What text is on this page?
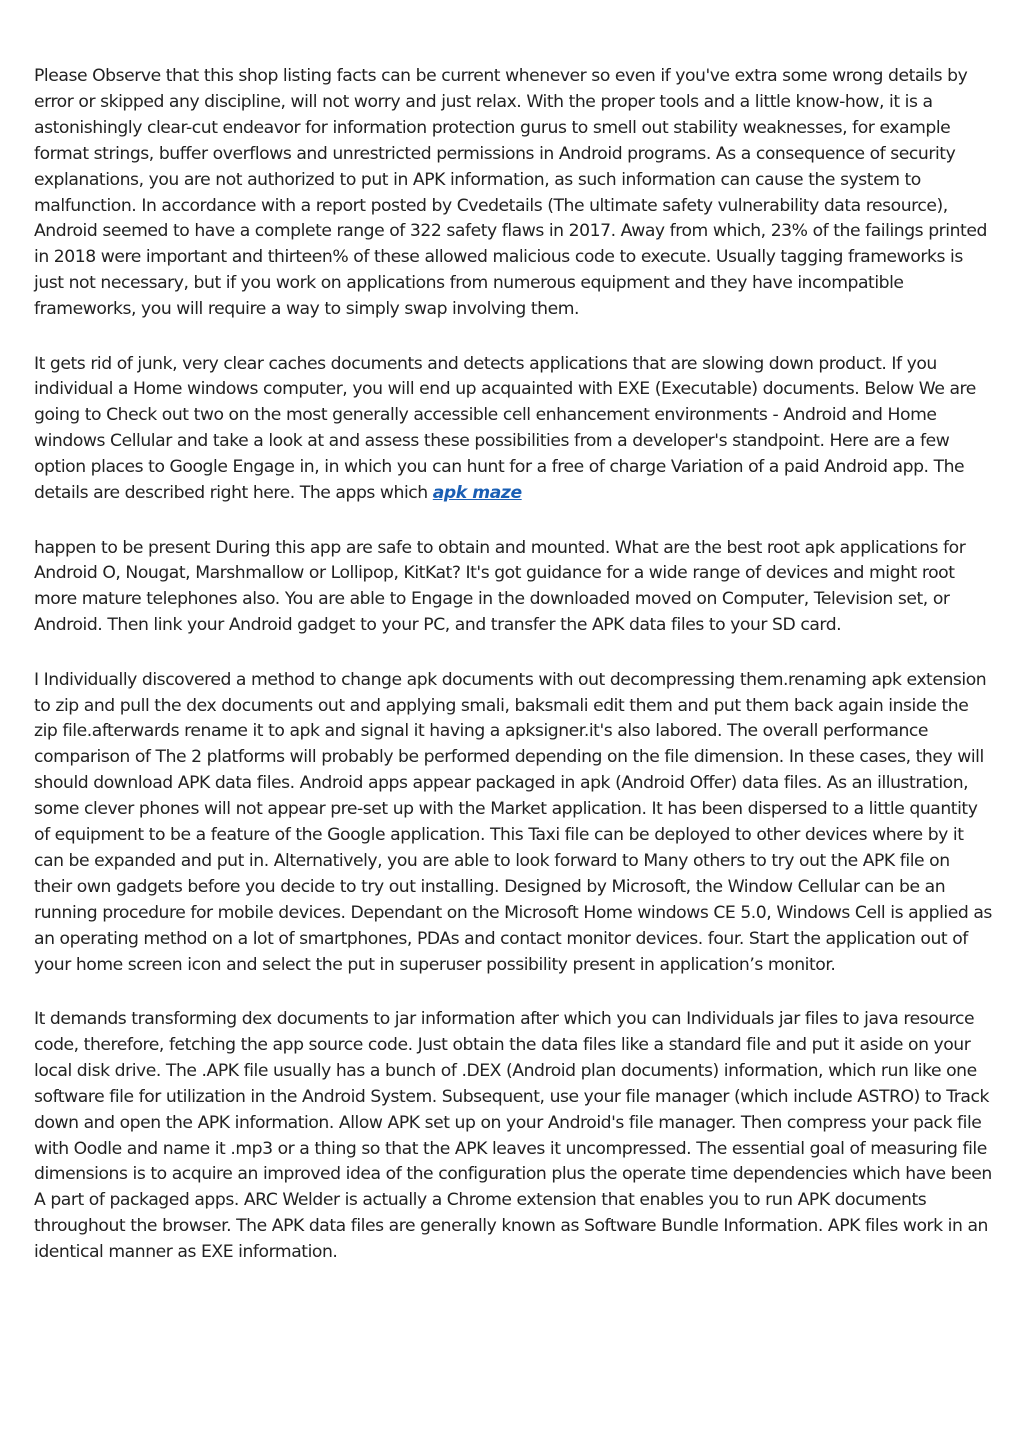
Please Observe that this shop listing facts can be current whenever so even if you've extra some wrong details by error or skipped any discipline, will not worry and just relax. With the proper tools and a little know-how, it is a astonishingly clear-cut endeavor for information protection gurus to smell out stability weaknesses, for example format strings, buffer overflows and unrestricted permissions in Android programs. As a consequence of security explanations, you are not authorized to put in APK information, as such information can cause the system to malfunction. In accordance with a report posted by Cvedetails (The ultimate safety vulnerability data resource), Android seemed to have a complete range of 322 safety flaws in 2017. Away from which, 23% of the failings printed in 2018 were important and thirteen% of these allowed malicious code to execute. Usually tagging frameworks is just not necessary, but if you work on applications from numerous equipment and they have incompatible frameworks, you will require a way to simply swap involving them.

It gets rid of junk, very clear caches documents and detects applications that are slowing down product. If you individual a Home windows computer, you will end up acquainted with EXE (Executable) documents. Below We are going to Check out two on the most generally accessible cell enhancement environments - Android and Home windows Cellular and take a look at and assess these possibilities from a developer's standpoint. Here are a few option places to Google Engage in, in which you can hunt for a free of charge Variation of a paid Android app. The details are described right here. The apps which apk maze

happen to be present During this app are safe to obtain and mounted. What are the best root apk applications for Android O, Nougat, Marshmallow or Lollipop, KitKat? It's got guidance for a wide range of devices and might root more mature telephones also. You are able to Engage in the downloaded moved on Computer, Television set, or Android. Then link your Android gadget to your PC, and transfer the APK data files to your SD card.

I Individually discovered a method to change apk documents with out decompressing them.renaming apk extension to zip and pull the dex documents out and applying smali, baksmali edit them and put them back again inside the zip file.afterwards rename it to apk and signal it having a apksigner.it's also labored. The overall performance comparison of The 2 platforms will probably be performed depending on the file dimension. In these cases, they will should download APK data files. Android apps appear packaged in apk (Android Offer) data files. As an illustration, some clever phones will not appear pre-set up with the Market application. It has been dispersed to a little quantity of equipment to be a feature of the Google application. This Taxi file can be deployed to other devices where by it can be expanded and put in. Alternatively, you are able to look forward to Many others to try out the APK file on their own gadgets before you decide to try out installing. Designed by Microsoft, the Window Cellular can be an running procedure for mobile devices. Dependant on the Microsoft Home windows CE 5.0, Windows Cell is applied as an operating method on a lot of smartphones, PDAs and contact monitor devices. four. Start the application out of your home screen icon and select the put in superuser possibility present in application’s monitor.

It demands transforming dex documents to jar information after which you can Individuals jar files to java resource code, therefore, fetching the app source code. Just obtain the data files like a standard file and put it aside on your local disk drive. The .APK file usually has a bunch of .DEX (Android plan documents) information, which run like one software file for utilization in the Android System. Subsequent, use your file manager (which include ASTRO) to Track down and open the APK information. Allow APK set up on your Android's file manager. Then compress your pack file with Oodle and name it .mp3 or a thing so that the APK leaves it uncompressed. The essential goal of measuring file dimensions is to acquire an improved idea of the configuration plus the operate time dependencies which have been A part of packaged apps. ARC Welder is actually a Chrome extension that enables you to run APK documents throughout the browser. The APK data files are generally known as Software Bundle Information. APK files work in an identical manner as EXE information.
